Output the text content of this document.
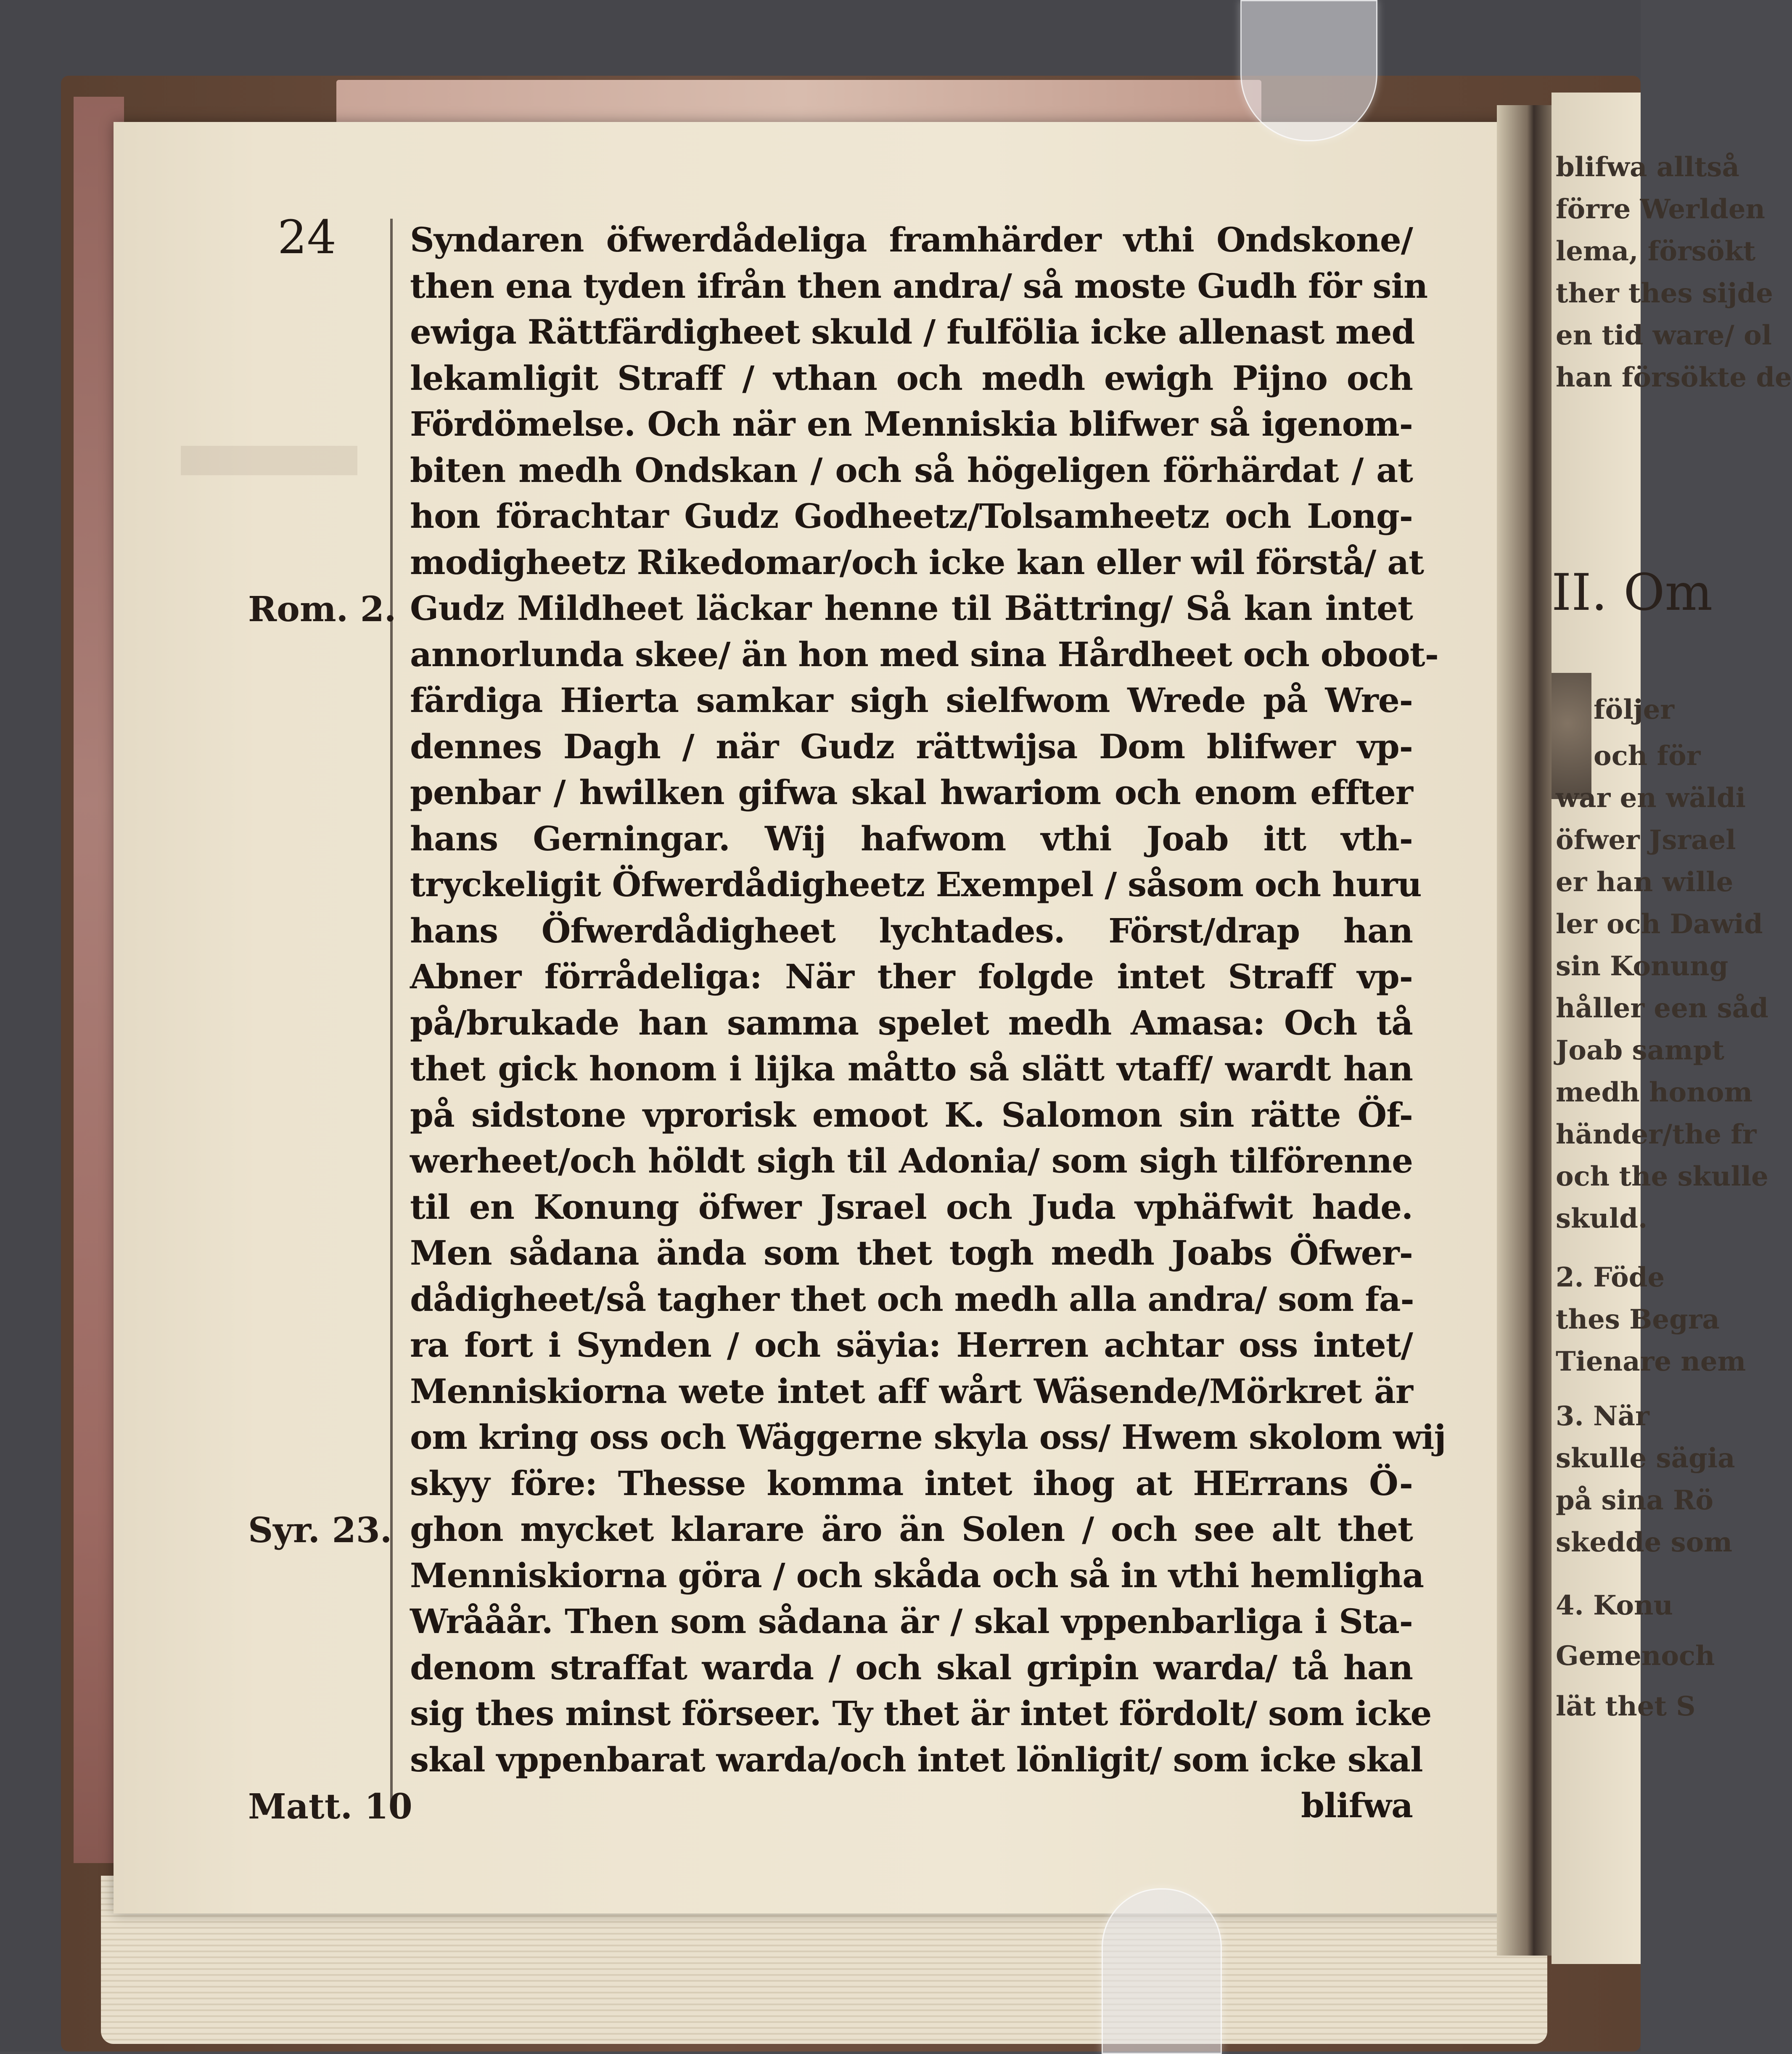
II. Om
blifwa alltså
förre Werlden
lema, försökt
ther thes sijde
en tid ware/ ol
han försökte de
följer
och för
war en wäldi
öfwer Jsrael
er han wille
ler och Dawid
sin Konung
håller een såd
Joab sampt
medh honom
händer/the fr
och the skulle
skuld.
2. Föde
thes Begra
Tienare nem
3. När
skulle sägia
på sina Rö
skedde som
4. Konu
Gemenoch
lät thet S
24 Syndaren öfwerdådeliga framhärder vthi Ondskone/
then ena tyden ifrån then andra/ så moste Gudh för sin
ewiga Rättfärdigheet skuld / fulfölia icke allenast med
lekamligit Straff / vthan och medh ewigh Pijno och
Fördömelse. Och när en Menniskia blifwer så igenom-
biten medh Ondskan / och så högeligen förhärdat / at
hon förachtar Gudz Godheetz/Tolsamheetz och Long-
modigheetz Rikedomar/och icke kan eller wil förstå/ at
Gudz Mildheet läckar henne til Bättring/ Så kan intet
annorlunda skee/ än hon med sina Hårdheet och oboot-
färdiga Hierta samkar sigh sielfwom Wrede på Wre-
dennes Dagh / när Gudz rättwijsa Dom blifwer vp-
penbar / hwilken gifwa skal hwariom och enom effter
hans Gerningar. Wij hafwom vthi Joab itt vth-
tryckeligit Öfwerdådigheetz Exempel / såsom och huru
hans Öfwerdådigheet lychtades. Först/drap han
Abner förrådeliga: När ther folgde intet Straff vp-
på/brukade han samma spelet medh Amasa: Och tå
thet gick honom i lijka måtto så slätt vtaff/ wardt han
på sidstone vprorisk emoot K. Salomon sin rätte Öf-
werheet/och höldt sigh til Adonia/ som sigh tilförenne
til en Konung öfwer Jsrael och Juda vphäfwit hade.
Men sådana ända som thet togh medh Joabs Öfwer-
dådigheet/så tagher thet och medh alla andra/ som fa-
ra fort i Synden / och säyia: Herren achtar oss intet/
Menniskiorna wete intet aff wårt Wäsende/Mörkret är
om kring oss och Wäggerne skyla oss/ Hwem skolom wij
skyy före: Thesse komma intet ihog at HErrans Ö-
ghon mycket klarare äro än Solen / och see alt thet
Menniskiorna göra / och skåda och så in vthi hemligha
Wrååår. Then som sådana är / skal vppenbarliga i Sta-
denom straffat warda / och skal gripin warda/ tå han
sig thes minst förseer. Ty thet är intet fördolt/ som icke
skal vppenbarat warda/och intet lönligit/ som icke skal
blifwa
Rom. 2.
Syr. 23.
Matt. 10
